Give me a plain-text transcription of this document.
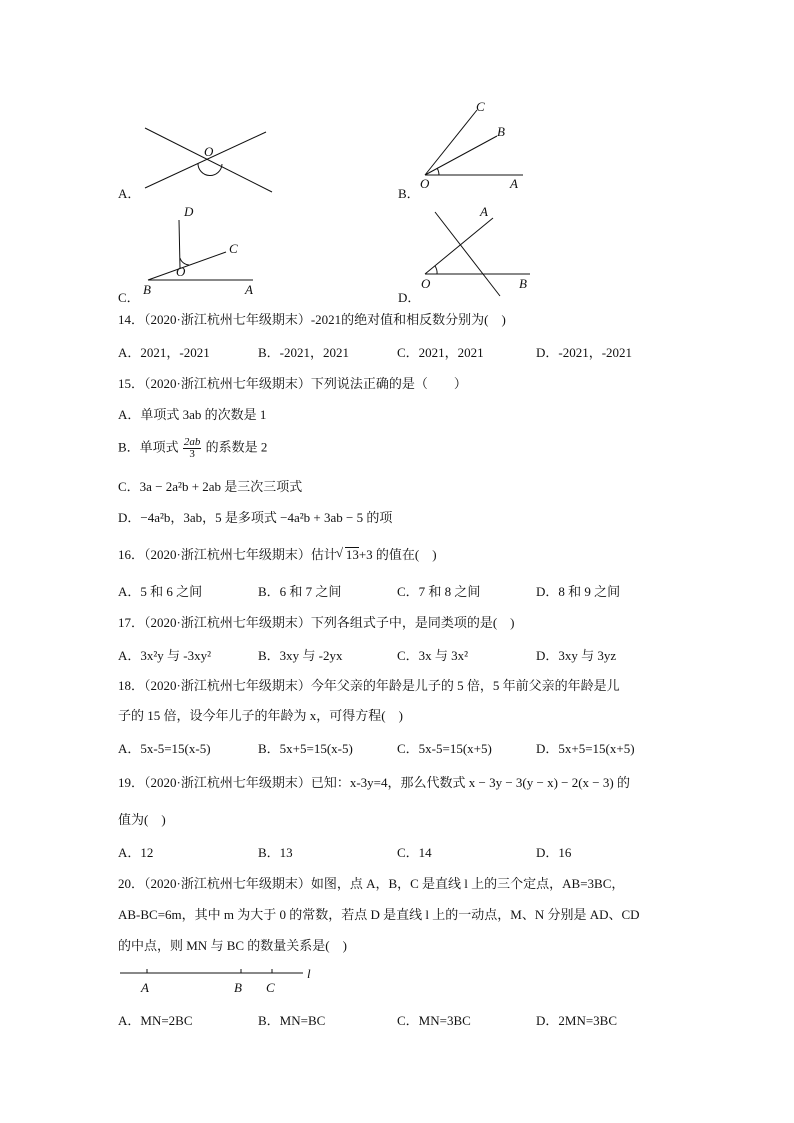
A．
O
B．
C
B
O	A
C．
D
C
O
B	A
D．
A
O	B
14．（2020·浙江杭州七年级期末）-2021的绝对值和相反数分别为(　)
A．2021，-2021	B．-2021，2021	C．2021，2021	D．-2021，-2021
15．（2020·浙江杭州七年级期末）下列说法正确的是（　　）
A．单项式 3ab 的次数是 1
B．单项式 $\frac{2ab}{3}$ 的系数是 2
C．3a − 2a²b + 2ab 是三次三项式
D．−4a²b，3ab，5 是多项式 −4a²b + 3ab − 5 的项
16．（2020·浙江杭州七年级期末）估计√ 13+3 的值在(　)
A．5 和 6 之间	B．6 和 7 之间	C．7 和 8 之间	D．8 和 9 之间
17．（2020·浙江杭州七年级期末）下列各组式子中，是同类项的是(　)
A．3x²y 与 -3xy²	B．3xy 与 -2yx	C．3x 与 3x²	D．3xy 与 3yz
18．（2020·浙江杭州七年级期末）今年父亲的年龄是儿子的 5 倍，5 年前父亲的年龄是儿
子的 15 倍，设今年儿子的年龄为 x，可得方程(　)
A．5x-5=15(x-5)	B．5x+5=15(x-5)	C．5x-5=15(x+5)	D．5x+5=15(x+5)
19．（2020·浙江杭州七年级期末）已知：x-3y=4，那么代数式 x − 3y − 3(y − x) − 2(x − 3) 的
值为(　)
A．12	B．13	C．14	D．16
20．（2020·浙江杭州七年级期末）如图，点 A，B，C 是直线 l 上的三个定点，AB=3BC，
AB-BC=6m，其中 m 为大于 0 的常数，若点 D 是直线 l 上的一动点，M、N 分别是 AD、CD
的中点，则 MN 与 BC 的数量关系是(　)
l
A	B C
A．MN=2BC	B．MN=BC	C．MN=3BC	D．2MN=3BC
